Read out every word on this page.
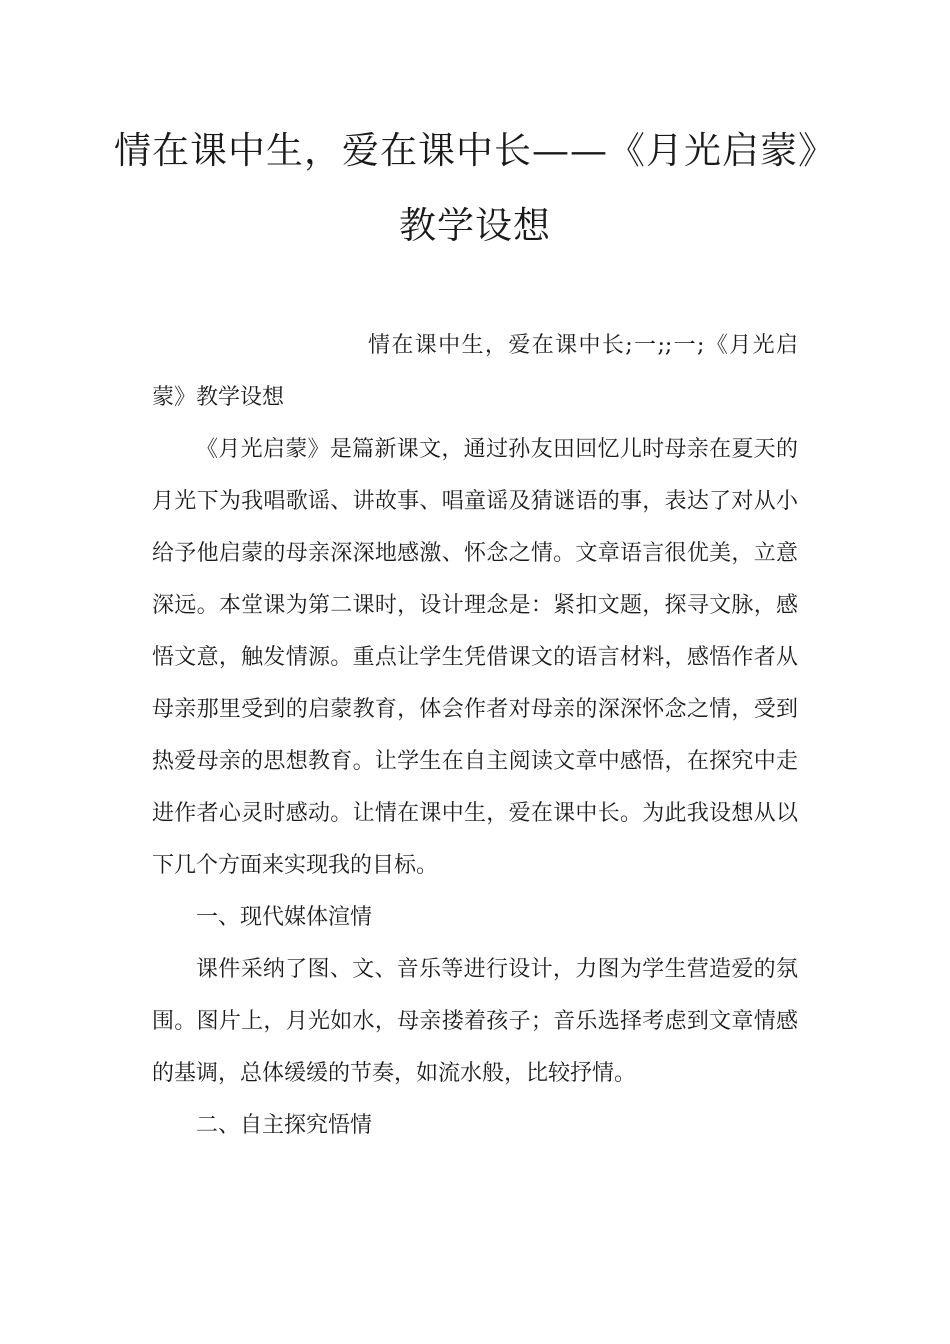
情在课中生，爱在课中长——《月光启蒙》
教学设想

情在课中生，爱在课中长;一;;一;《月光启蒙》教学设想

《月光启蒙》是篇新课文，通过孙友田回忆儿时母亲在夏天的月光下为我唱歌谣、讲故事、唱童谣及猜谜语的事，表达了对从小给予他启蒙的母亲深深地感激、怀念之情。文章语言很优美，立意深远。本堂课为第二课时，设计理念是：紧扣文题，探寻文脉，感悟文意，触发情源。重点让学生凭借课文的语言材料，感悟作者从母亲那里受到的启蒙教育，体会作者对母亲的深深怀念之情，受到热爱母亲的思想教育。让学生在自主阅读文章中感悟，在探究中走进作者心灵时感动。让情在课中生，爱在课中长。为此我设想从以下几个方面来实现我的目标。

一、现代媒体渲情

课件采纳了图、文、音乐等进行设计，力图为学生营造爱的氛围。图片上，月光如水，母亲搂着孩子；音乐选择考虑到文章情感的基调，总体缓缓的节奏，如流水般，比较抒情。

二、自主探究悟情
